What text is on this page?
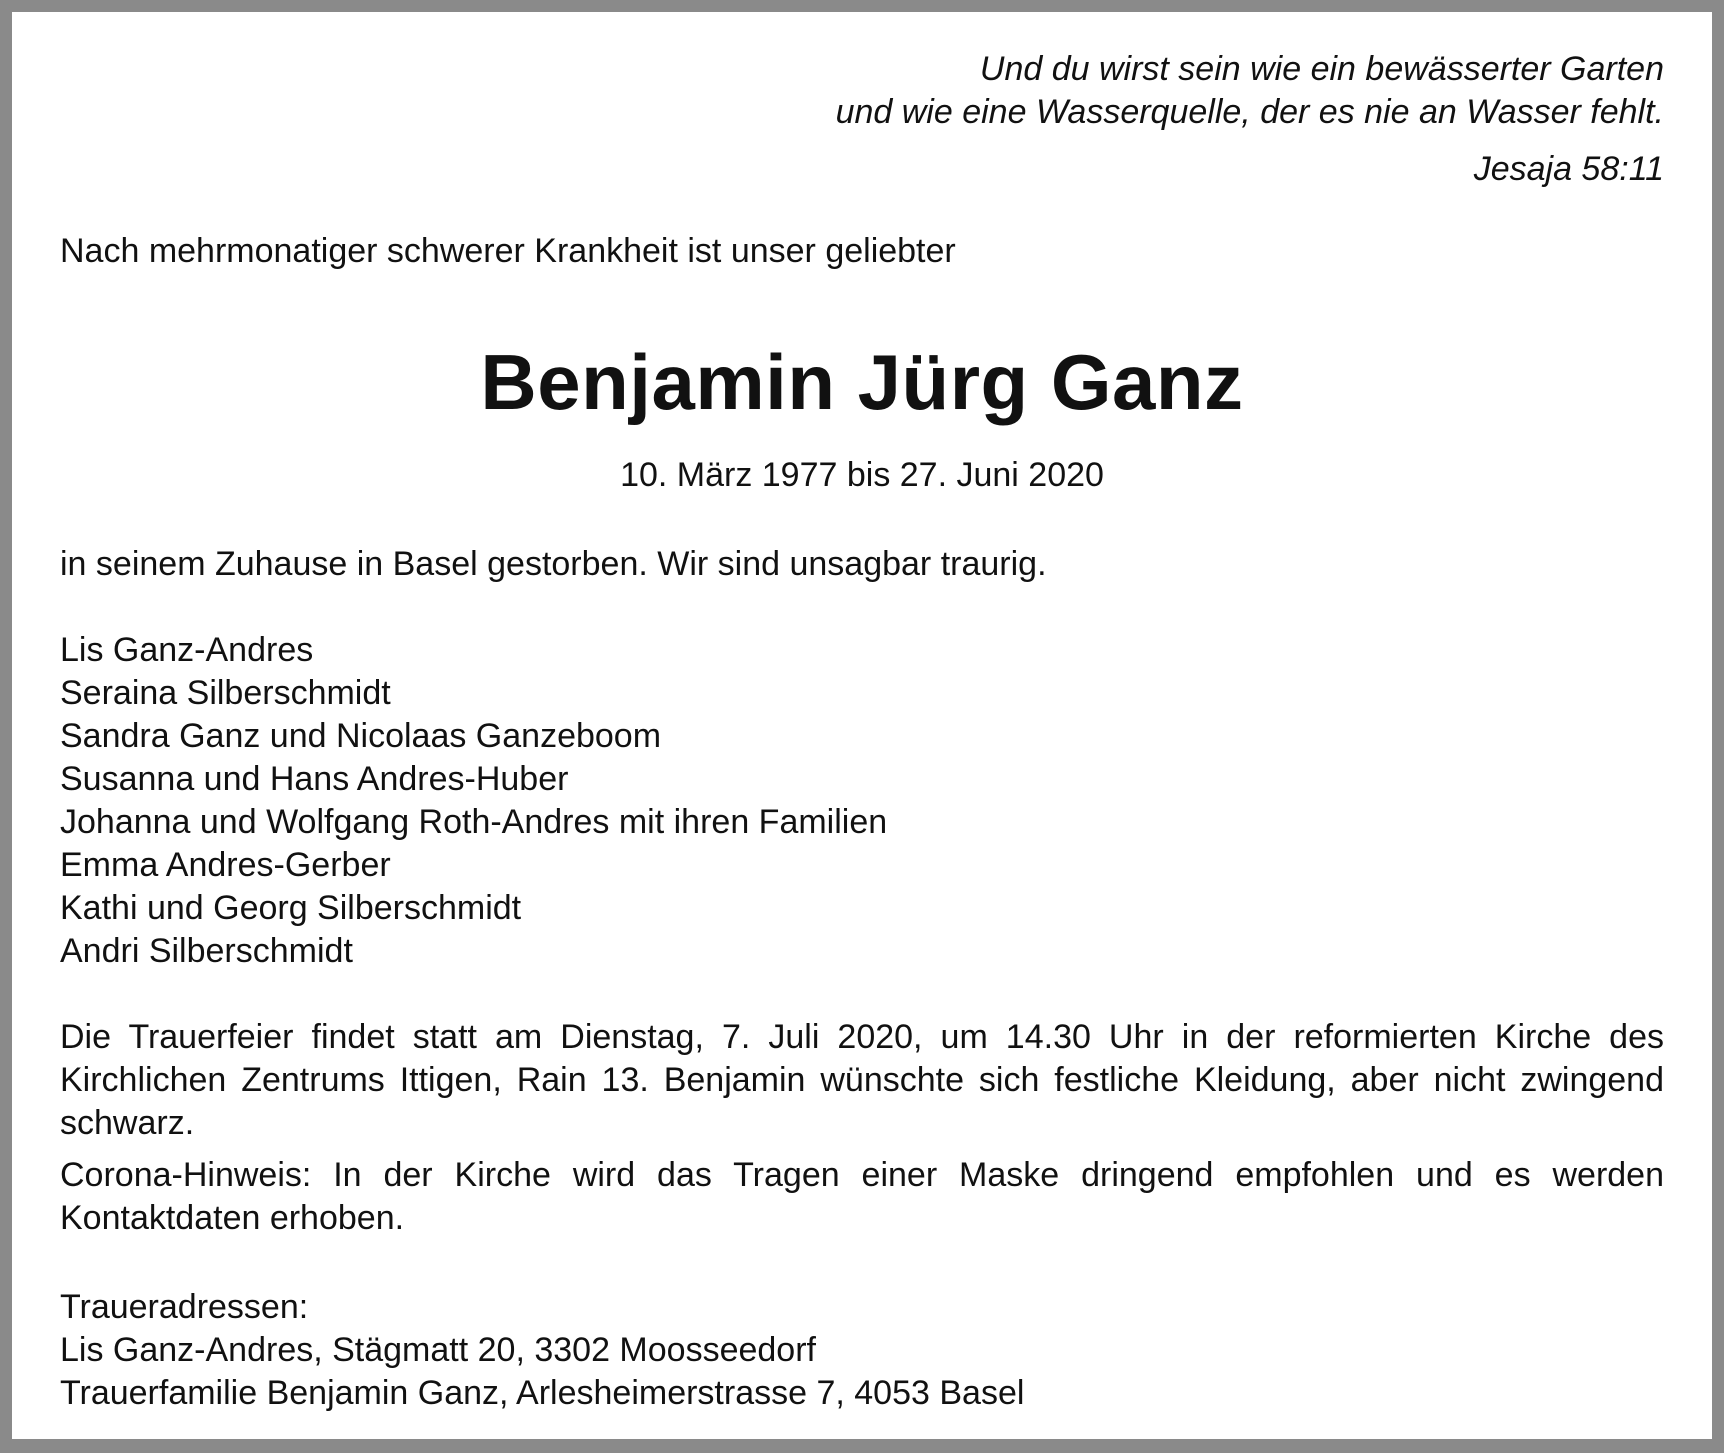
Und du wirst sein wie ein bewässerter Garten
und wie eine Wasserquelle, der es nie an Wasser fehlt.
Jesaja 58:11
Nach mehrmonatiger schwerer Krankheit ist unser geliebter
Benjamin Jürg Ganz
10. März 1977 bis 27. Juni 2020
in seinem Zuhause in Basel gestorben. Wir sind unsagbar traurig.
Lis Ganz-Andres
Seraina Silberschmidt
Sandra Ganz und Nicolaas Ganzeboom
Susanna und Hans Andres-Huber
Johanna und Wolfgang Roth-Andres mit ihren Familien
Emma Andres-Gerber
Kathi und Georg Silberschmidt
Andri Silberschmidt

Die Trauerfeier findet statt am Dienstag, 7. Juli 2020, um 14.30 Uhr in der reformierten Kirche des Kirchlichen Zentrums Ittigen, Rain 13. Benjamin wünschte sich festliche Kleidung, aber nicht zwingend schwarz.

Corona-Hinweis: In der Kirche wird das Tragen einer Maske dringend empfohlen und es werden Kontaktdaten erhoben.

Traueradressen:
Lis Ganz-Andres, Stägmatt 20, 3302 Moosseedorf
Trauerfamilie Benjamin Ganz, Arlesheimerstrasse 7, 4053 Basel
